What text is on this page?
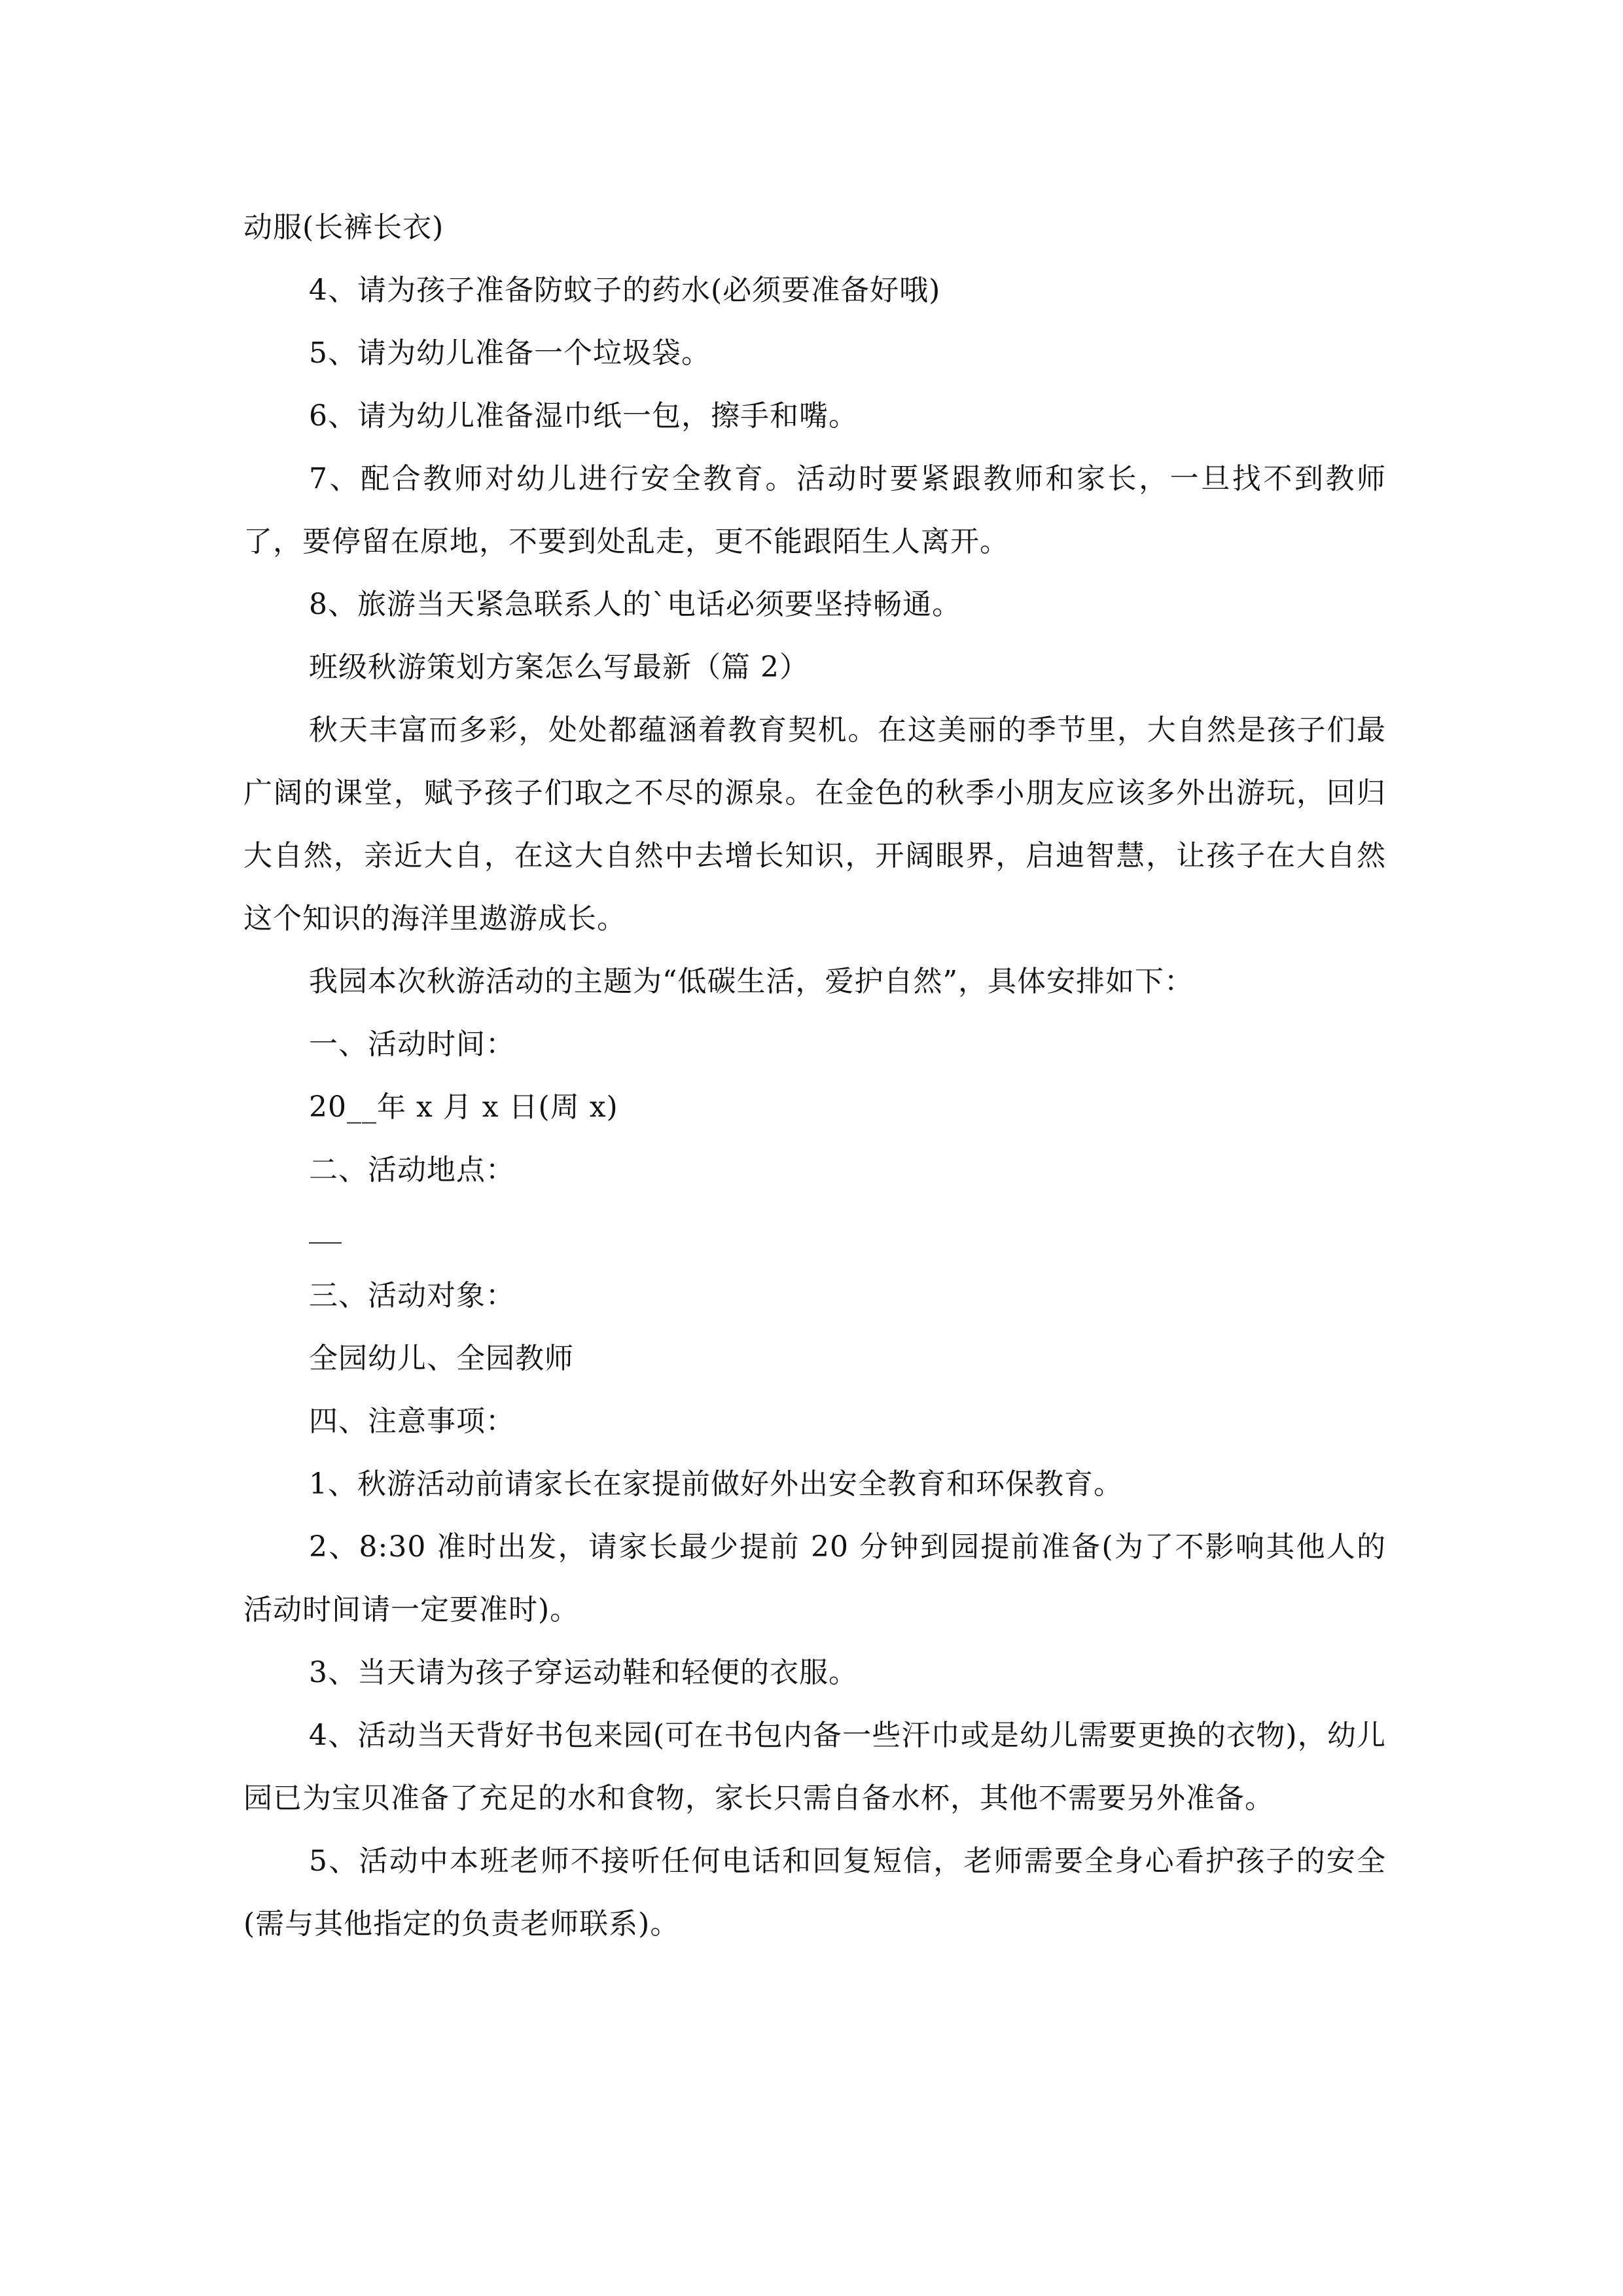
动服(长裤长衣)

4、请为孩子准备防蚊子的药水(必须要准备好哦)

5、请为幼儿准备一个垃圾袋。

6、请为幼儿准备湿巾纸一包，擦手和嘴。

7、配合教师对幼儿进行安全教育。活动时要紧跟教师和家长，一旦找不到教师了，要停留在原地，不要到处乱走，更不能跟陌生人离开。

8、旅游当天紧急联系人的`电话必须要坚持畅通。

班级秋游策划方案怎么写最新（篇 2）

秋天丰富而多彩，处处都蕴涵着教育契机。在这美丽的季节里，大自然是孩子们最广阔的课堂，赋予孩子们取之不尽的源泉。在金色的秋季小朋友应该多外出游玩，回归大自然，亲近大自，在这大自然中去增长知识，开阔眼界，启迪智慧，让孩子在大自然这个知识的海洋里遨游成长。

我园本次秋游活动的主题为“低碳生活，爱护自然”，具体安排如下：

一、活动时间：

20__年 x 月 x 日(周 x)

二、活动地点：

三、活动对象：

全园幼儿、全园教师

四、注意事项：

1、秋游活动前请家长在家提前做好外出安全教育和环保教育。

2、8:30 准时出发，请家长最少提前 20 分钟到园提前准备(为了不影响其他人的活动时间请一定要准时)。

3、当天请为孩子穿运动鞋和轻便的衣服。

4、活动当天背好书包来园(可在书包内备一些汗巾或是幼儿需要更换的衣物)，幼儿园已为宝贝准备了充足的水和食物，家长只需自备水杯，其他不需要另外准备。

5、活动中本班老师不接听任何电话和回复短信，老师需要全身心看护孩子的安全(需与其他指定的负责老师联系)。
